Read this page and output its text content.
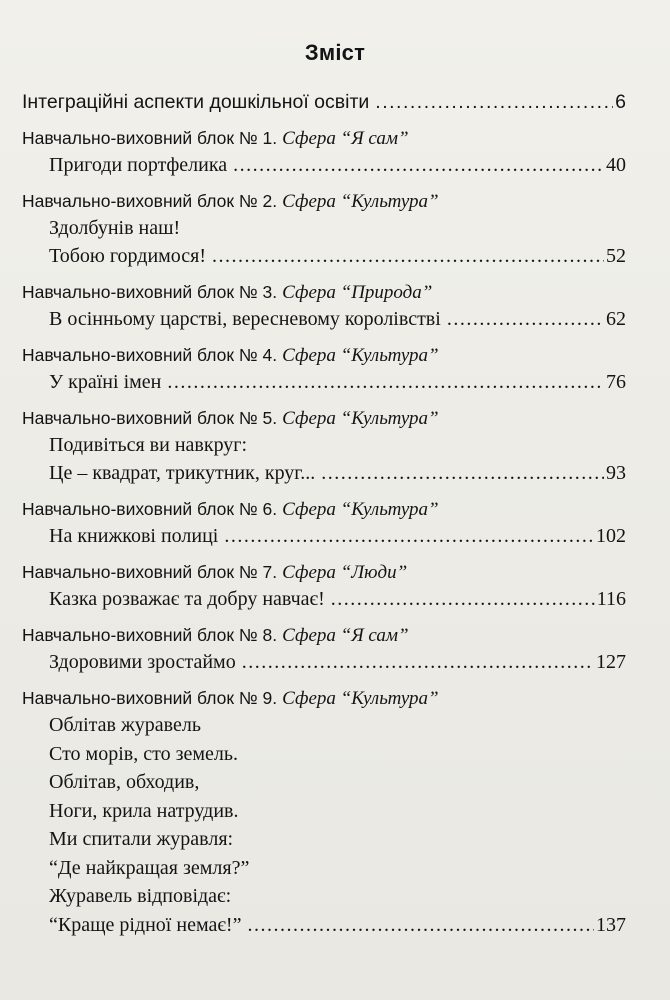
Зміст
Інтеграційні аспекти дошкільної освіти .....	6
Навчально-виховний блок № 1. Сфера “Я сам”
Пригоди портфелика .....	40
Навчально-виховний блок № 2. Сфера “Культура”
Здолбунів наш!
Тобою гордимося! .....	52
Навчально-виховний блок № 3. Сфера “Природа”
В осінньому царстві, вересневому королівстві .....	62
Навчально-виховний блок № 4. Сфера “Культура”
У країні імен .....	76
Навчально-виховний блок № 5. Сфера “Культура”
Подивіться ви навкруг:
Це – квадрат, трикутник, круг... .....	93
Навчально-виховний блок № 6. Сфера “Культура”
На книжкові полиці .....	102
Навчально-виховний блок № 7. Сфера “Люди”
Казка розважає та добру навчає! .....	116
Навчально-виховний блок № 8. Сфера “Я сам”
Здоровими зростаймо .....	127
Навчально-виховний блок № 9. Сфера “Культура”
Облітав журавель
Сто морів, сто земель.
Облітав, обходив,
Ноги, крила натрудив.
Ми спитали журавля:
“Де найкращая земля?”
Журавель відповідає:
“Краще рідної немає!” .....	137
